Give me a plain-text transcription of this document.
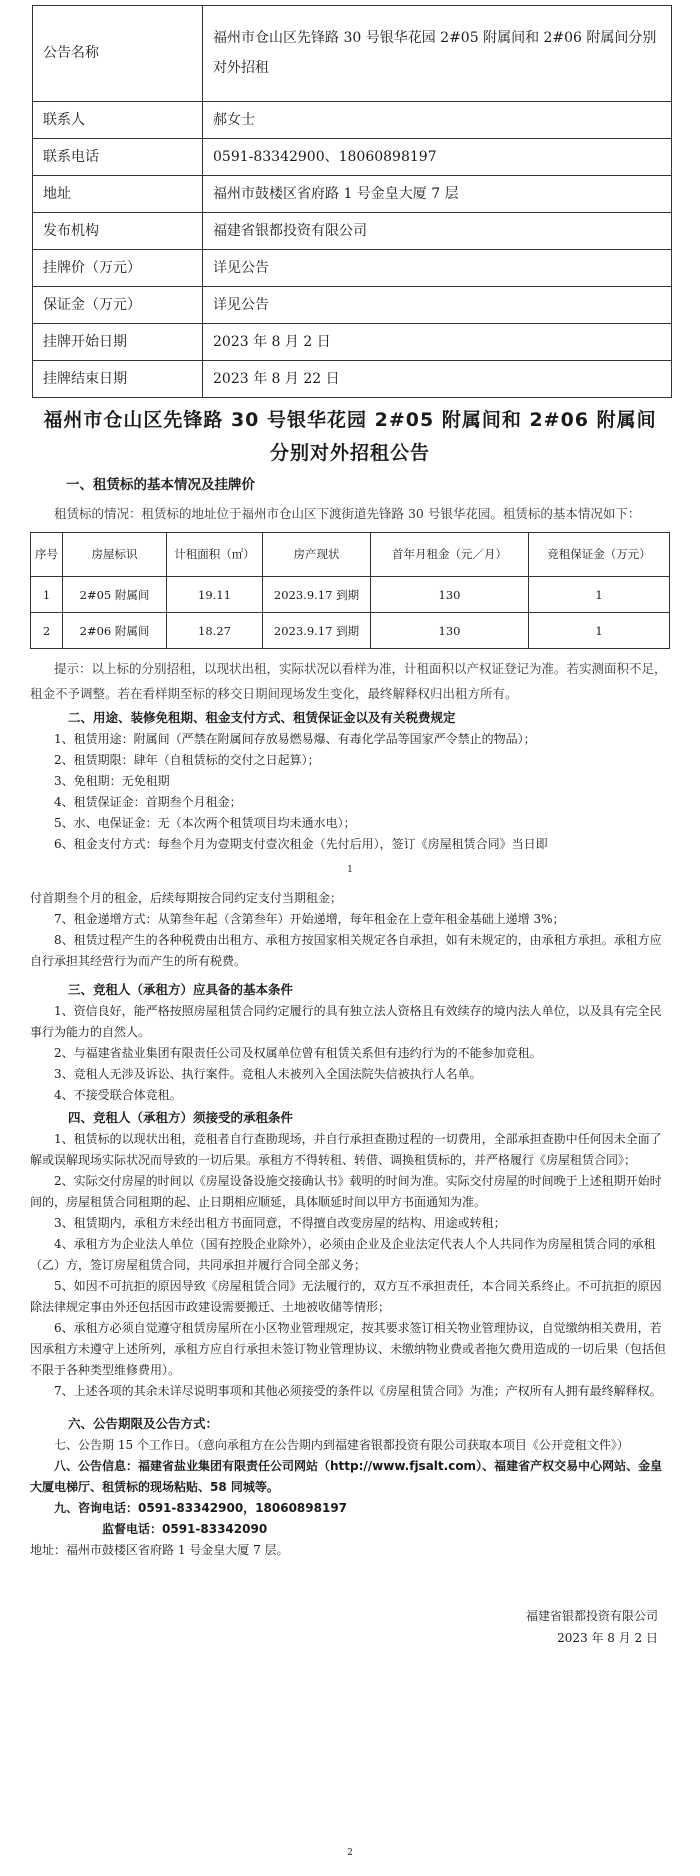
公告名称	福州市仓山区先锋路 30 号银华花园 2#05 附属间和 2#06 附属间分别对外招租
联系人	郝女士
联系电话	0591-83342900、18060898197
地址	福州市鼓楼区省府路 1 号金皇大厦 7 层
发布机构	福建省银都投资有限公司
挂牌价（万元）	详见公告
保证金（万元）	详见公告
挂牌开始日期	2023 年 8 月 2 日
挂牌结束日期	2023 年 8 月 22 日
福州市仓山区先锋路 30 号银华花园 2#05 附属间和 2#06 附属间分别对外招租公告
一、租赁标的基本情况及挂牌价

租赁标的情况：租赁标的地址位于福州市仓山区下渡街道先锋路 30 号银华花园。租赁标的基本情况如下：

序号	房屋标识	计租面积（㎡）	房产现状	首年月租金（元／月）	竞租保证金（万元）
1	2#05 附属间	19.11	2023.9.17 到期	130	1
2	2#06 附属间	18.27	2023.9.17 到期	130	1

提示：以上标的分别招租，以现状出租，实际状况以看样为准，计租面积以产权证登记为准。若实测面积不足，租金不予调整。若在看样期至标的移交日期间现场发生变化，最终解释权归出租方所有。

二、用途、装修免租期、租金支付方式、租赁保证金以及有关税费规定

1、租赁用途：附属间（严禁在附属间存放易燃易爆、有毒化学品等国家严令禁止的物品）；

2、租赁期限：肆年（自租赁标的交付之日起算）；

3、免租期：无免租期

4、租赁保证金：首期叁个月租金；

5、水、电保证金：无（本次两个租赁项目均未通水电）；

6、租金支付方式：每叁个月为壹期支付壹次租金（先付后用），签订《房屋租赁合同》当日即

1

付首期叁个月的租金，后续每期按合同约定支付当期租金；

7、租金递增方式：从第叁年起（含第叁年）开始递增，每年租金在上壹年租金基础上递增 3%；

8、租赁过程产生的各种税费由出租方、承租方按国家相关规定各自承担，如有未规定的，由承租方承担。承租方应自行承担其经营行为而产生的所有税费。

三、竞租人（承租方）应具备的基本条件

1、资信良好，能严格按照房屋租赁合同约定履行的具有独立法人资格且有效续存的境内法人单位，以及具有完全民事行为能力的自然人。

2、与福建省盐业集团有限责任公司及权属单位曾有租赁关系但有违约行为的不能参加竞租。

3、竞租人无涉及诉讼、执行案件。竞租人未被列入全国法院失信被执行人名单。

4、不接受联合体竞租。

四、竞租人（承租方）须接受的承租条件

1、租赁标的以现状出租，竞租者自行查勘现场，并自行承担查勘过程的一切费用，全部承担查勘中任何因未全面了解或误解现场实际状况而导致的一切后果。承租方不得转租、转借、调换租赁标的，并严格履行《房屋租赁合同》；

2、实际交付房屋的时间以《房屋设备设施交接确认书》载明的时间为准。实际交付房屋的时间晚于上述租期开始时间的，房屋租赁合同租期的起、止日期相应顺延，具体顺延时间以甲方书面通知为准。

3、租赁期内，承租方未经出租方书面同意，不得擅自改变房屋的结构、用途或转租；

4、承租方为企业法人单位（国有控股企业除外），必须由企业及企业法定代表人个人共同作为房屋租赁合同的承租（乙）方，签订房屋租赁合同，共同承担并履行合同全部义务；

5、如因不可抗拒的原因导致《房屋租赁合同》无法履行的，双方互不承担责任，本合同关系终止。不可抗拒的原因除法律规定事由外还包括因市政建设需要搬迁、土地被收储等情形；

6、承租方必须自觉遵守租赁房屋所在小区物业管理规定，按其要求签订相关物业管理协议，自觉缴纳相关费用，若因承租方未遵守上述所列，承租方应自行承担未签订物业管理协议、未缴纳物业费或者拖欠费用造成的一切后果（包括但不限于各种类型维修费用）。

7、上述各项的其余未详尽说明事项和其他必须接受的条件以《房屋租赁合同》为准；产权所有人拥有最终解释权。

六、公告期限及公告方式：

七、公告期 15 个工作日。（意向承租方在公告期内到福建省银都投资有限公司获取本项目《公开竞租文件》）

八、公告信息：福建省盐业集团有限责任公司网站（http://www.fjsalt.com）、福建省产权交易中心网站、金皇大厦电梯厅、租赁标的现场粘贴、58 同城等。

九、咨询电话：0591-83342900，18060898197

监督电话：0591-83342090

地址：福州市鼓楼区省府路 1 号金皇大厦 7 层。

福建省银都投资有限公司
2023 年 8 月 2 日
2
